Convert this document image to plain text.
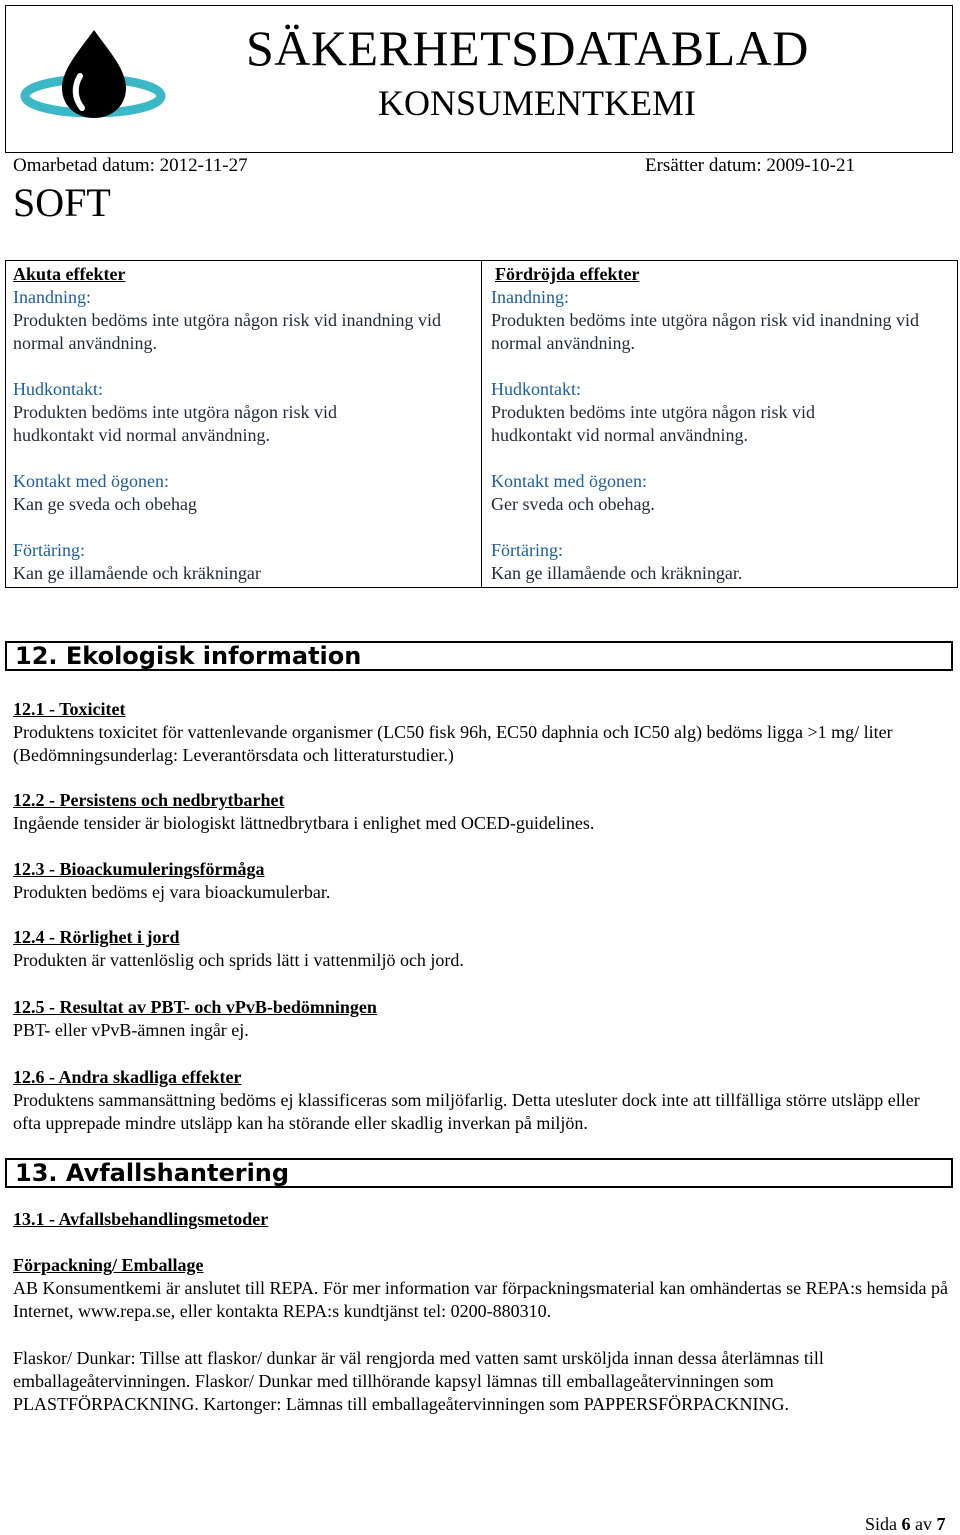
SÄKERHETSDATABLAD
KONSUMENTKEMI
Omarbetad datum: 2012-11-27	Ersätter datum: 2009-10-21
SOFT
Akuta effekter
Inandning:
Produkten bedöms inte utgöra någon risk vid inandning vid normal användning.
Hudkontakt:
Produkten bedöms inte utgöra någon risk vid hudkontakt vid normal användning.
Kontakt med ögonen:
Kan ge sveda och obehag
Förtäring:
Kan ge illamående och kräkningar
Fördröjda effekter
Inandning:
Produkten bedöms inte utgöra någon risk vid inandning vid normal användning.
Hudkontakt:
Produkten bedöms inte utgöra någon risk vid hudkontakt vid normal användning.
Kontakt med ögonen:
Ger sveda och obehag.
Förtäring:
Kan ge illamående och kräkningar.
12. Ekologisk information
12.1 - Toxicitet
Produktens toxicitet för vattenlevande organismer (LC50 fisk 96h, EC50 daphnia och IC50 alg) bedöms ligga >1 mg/ liter (Bedömningsunderlag: Leverantörsdata och litteraturstudier.)
12.2 - Persistens och nedbrytbarhet
Ingående tensider är biologiskt lättnedbrytbara i enlighet med OCED-guidelines.
12.3 - Bioackumuleringsförmåga
Produkten bedöms ej vara bioackumulerbar.
12.4 - Rörlighet i jord
Produkten är vattenlöslig och sprids lätt i vattenmiljö och jord.
12.5 - Resultat av PBT- och vPvB-bedömningen
PBT- eller vPvB-ämnen ingår ej.
12.6 - Andra skadliga effekter
Produktens sammansättning bedöms ej klassificeras som miljöfarlig. Detta utesluter dock inte att tillfälliga större utsläpp eller ofta upprepade mindre utsläpp kan ha störande eller skadlig inverkan på miljön.
13. Avfallshantering
13.1 - Avfallsbehandlingsmetoder
Förpackning/ Emballage
AB Konsumentkemi är anslutet till REPA. För mer information var förpackningsmaterial kan omhändertas se REPA:s hemsida på Internet, www.repa.se, eller kontakta REPA:s kundtjänst tel: 0200-880310.
Flaskor/ Dunkar: Tillse att flaskor/ dunkar är väl rengjorda med vatten samt ursköljda innan dessa återlämnas till emballageåtervinningen. Flaskor/ Dunkar med tillhörande kapsyl lämnas till emballageåtervinningen som PLASTFÖRPACKNING. Kartonger: Lämnas till emballageåtervinningen som PAPPERSFÖRPACKNING.
Sida 6 av 7
